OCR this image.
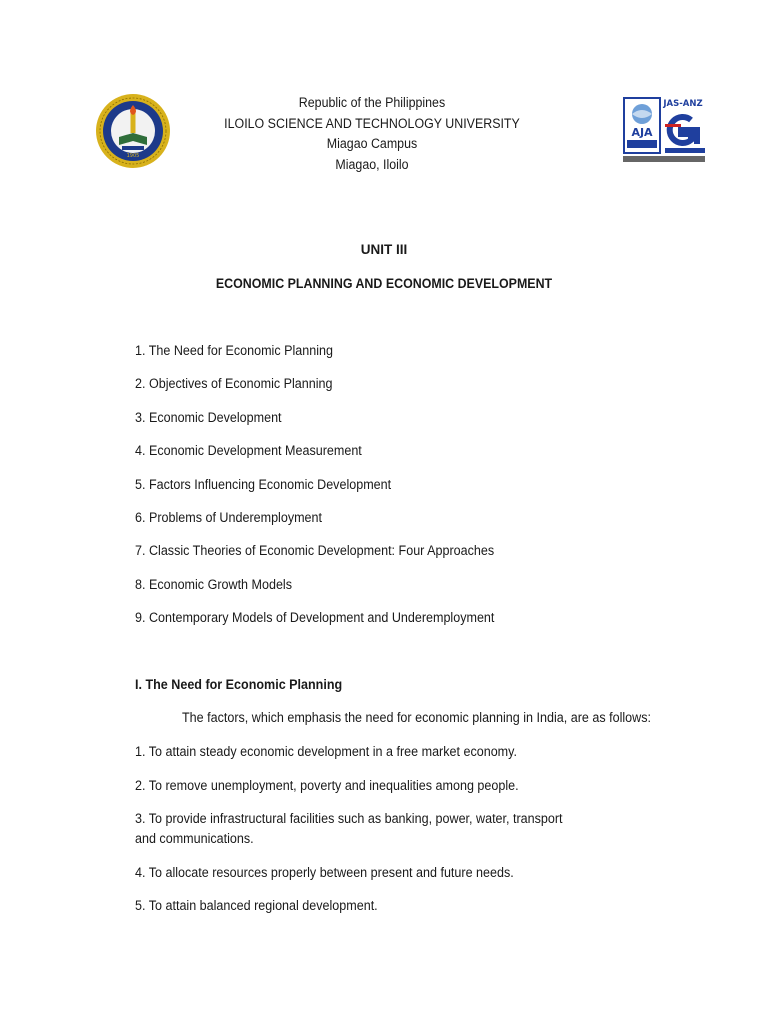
1905
Republic of the Philippines
ILOILO SCIENCE AND TECHNOLOGY UNIVERSITY
Miagao Campus
Miagao, Iloilo
AJA
JAS-ANZ
UNIT III
ECONOMIC PLANNING AND ECONOMIC DEVELOPMENT
1. The Need for Economic Planning
2. Objectives of Economic Planning
3. Economic Development
4. Economic Development Measurement
5. Factors Influencing Economic Development
6. Problems of Underemployment
7. Classic Theories of Economic Development: Four Approaches
8. Economic Growth Models
9. Contemporary Models of Development and Underemployment
I. The Need for Economic Planning
The factors, which emphasis the need for economic planning in India, are as follows:
1. To attain steady economic development in a free market economy.
2. To remove unemployment, poverty and inequalities among people.
3. To provide infrastructural facilities such as banking, power, water, transport and communications.
4. To allocate resources properly between present and future needs.
5. To attain balanced regional development.
